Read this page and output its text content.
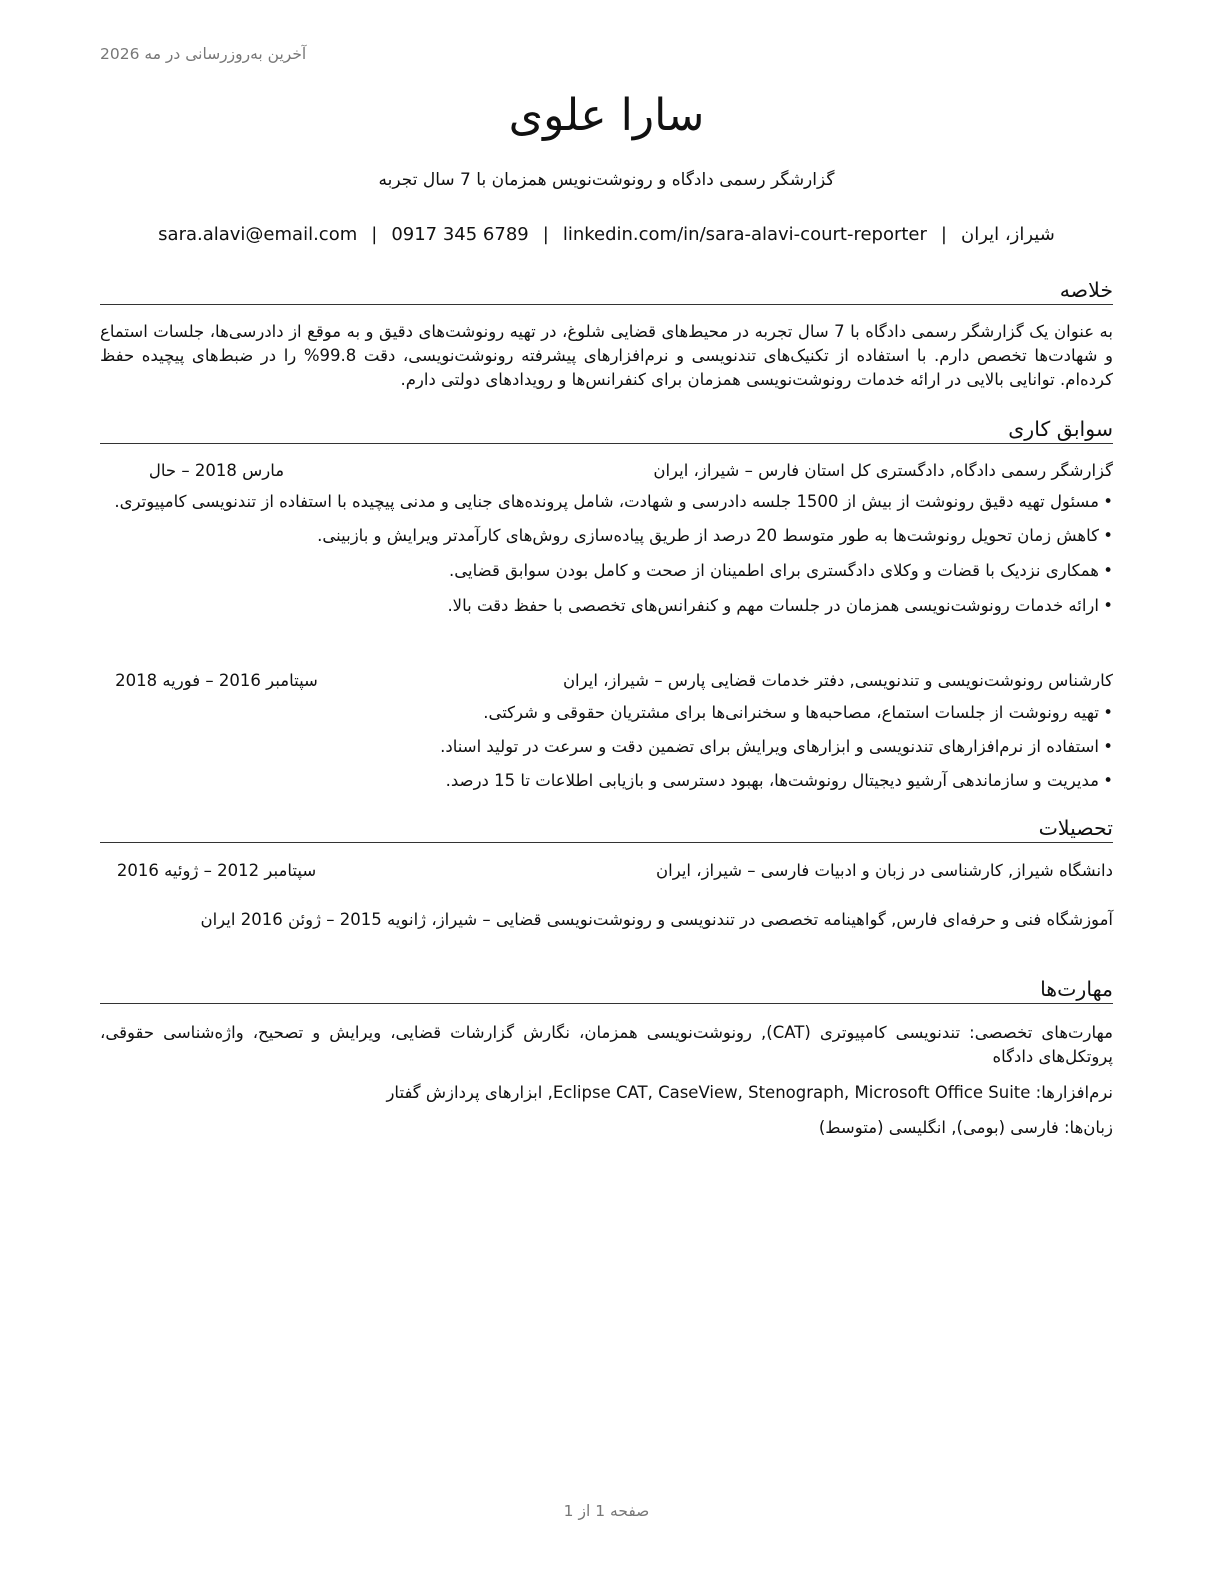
آخرین به‌روزرسانی در مه 2026
سارا علوی
گزارشگر رسمی دادگاه و رونوشت‌نویس همزمان با 7 سال تجربه
شیراز، ایران|sara.alavi@email.com | 0917 345 6789 | linkedin.com/in/sara-alavi-court-reporter
خلاصه

به عنوان یک گزارشگر رسمی دادگاه با 7 سال تجربه در محیط‌های قضایی شلوغ، در تهیه رونوشت‌های دقیق و به موقع از دادرسی‌ها، جلسات استماع و شهادت‌ها تخصص دارم. با استفاده از تکنیک‌های تندنویسی و نرم‌افزارهای پیشرفته رونوشت‌نویسی، دقت 99.8% را در ضبط‌های پیچیده حفظ کرده‌ام. توانایی بالایی در ارائه خدمات رونوشت‌نویسی همزمان برای کنفرانس‌ها و رویدادهای دولتی دارم.

سوابق کاری
گزارشگر رسمی دادگاه, دادگستری کل استان فارس – شیراز، ایران
مارس 2018 – حال
• مسئول تهیه دقیق رونوشت از بیش از 1500 جلسه دادرسی و شهادت، شامل پرونده‌های جنایی و مدنی پیچیده با استفاده از تندنویسی کامپیوتری.
• کاهش زمان تحویل رونوشت‌ها به طور متوسط 20 درصد از طریق پیاده‌سازی روش‌های کارآمدتر ویرایش و بازبینی.
• همکاری نزدیک با قضات و وکلای دادگستری برای اطمینان از صحت و کامل بودن سوابق قضایی.
• ارائه خدمات رونوشت‌نویسی همزمان در جلسات مهم و کنفرانس‌های تخصصی با حفظ دقت بالا.
کارشناس رونوشت‌نویسی و تندنویسی, دفتر خدمات قضایی پارس – شیراز، ایران
سپتامبر 2016 – فوریه 2018
• تهیه رونوشت از جلسات استماع، مصاحبه‌ها و سخنرانی‌ها برای مشتریان حقوقی و شرکتی.
• استفاده از نرم‌افزارهای تندنویسی و ابزارهای ویرایش برای تضمین دقت و سرعت در تولید اسناد.
• مدیریت و سازماندهی آرشیو دیجیتال رونوشت‌ها، بهبود دسترسی و بازیابی اطلاعات تا 15 درصد.
تحصیلات
دانشگاه شیراز, کارشناسی در زبان و ادبیات فارسی – شیراز، ایران
سپتامبر 2012 – ژوئیه 2016
آموزشگاه فنی و حرفه‌ای فارس, گواهینامه تخصصی در تندنویسی و رونوشت‌نویسی قضایی – شیراز، ژانویه 2015 – ژوئن 2016 ایران
مهارت‌ها
مهارت‌های تخصصی: تندنویسی کامپیوتری (CAT), رونوشت‌نویسی همزمان، نگارش گزارشات قضایی، ویرایش و تصحیح، واژه‌شناسی حقوقی، پروتکل‌های دادگاه
نرم‌افزارها: Eclipse CAT, CaseView, Stenograph, Microsoft Office Suite, ابزارهای پردازش گفتار
زبان‌ها: فارسی (بومی), انگلیسی (متوسط)
صفحه 1 از 1
